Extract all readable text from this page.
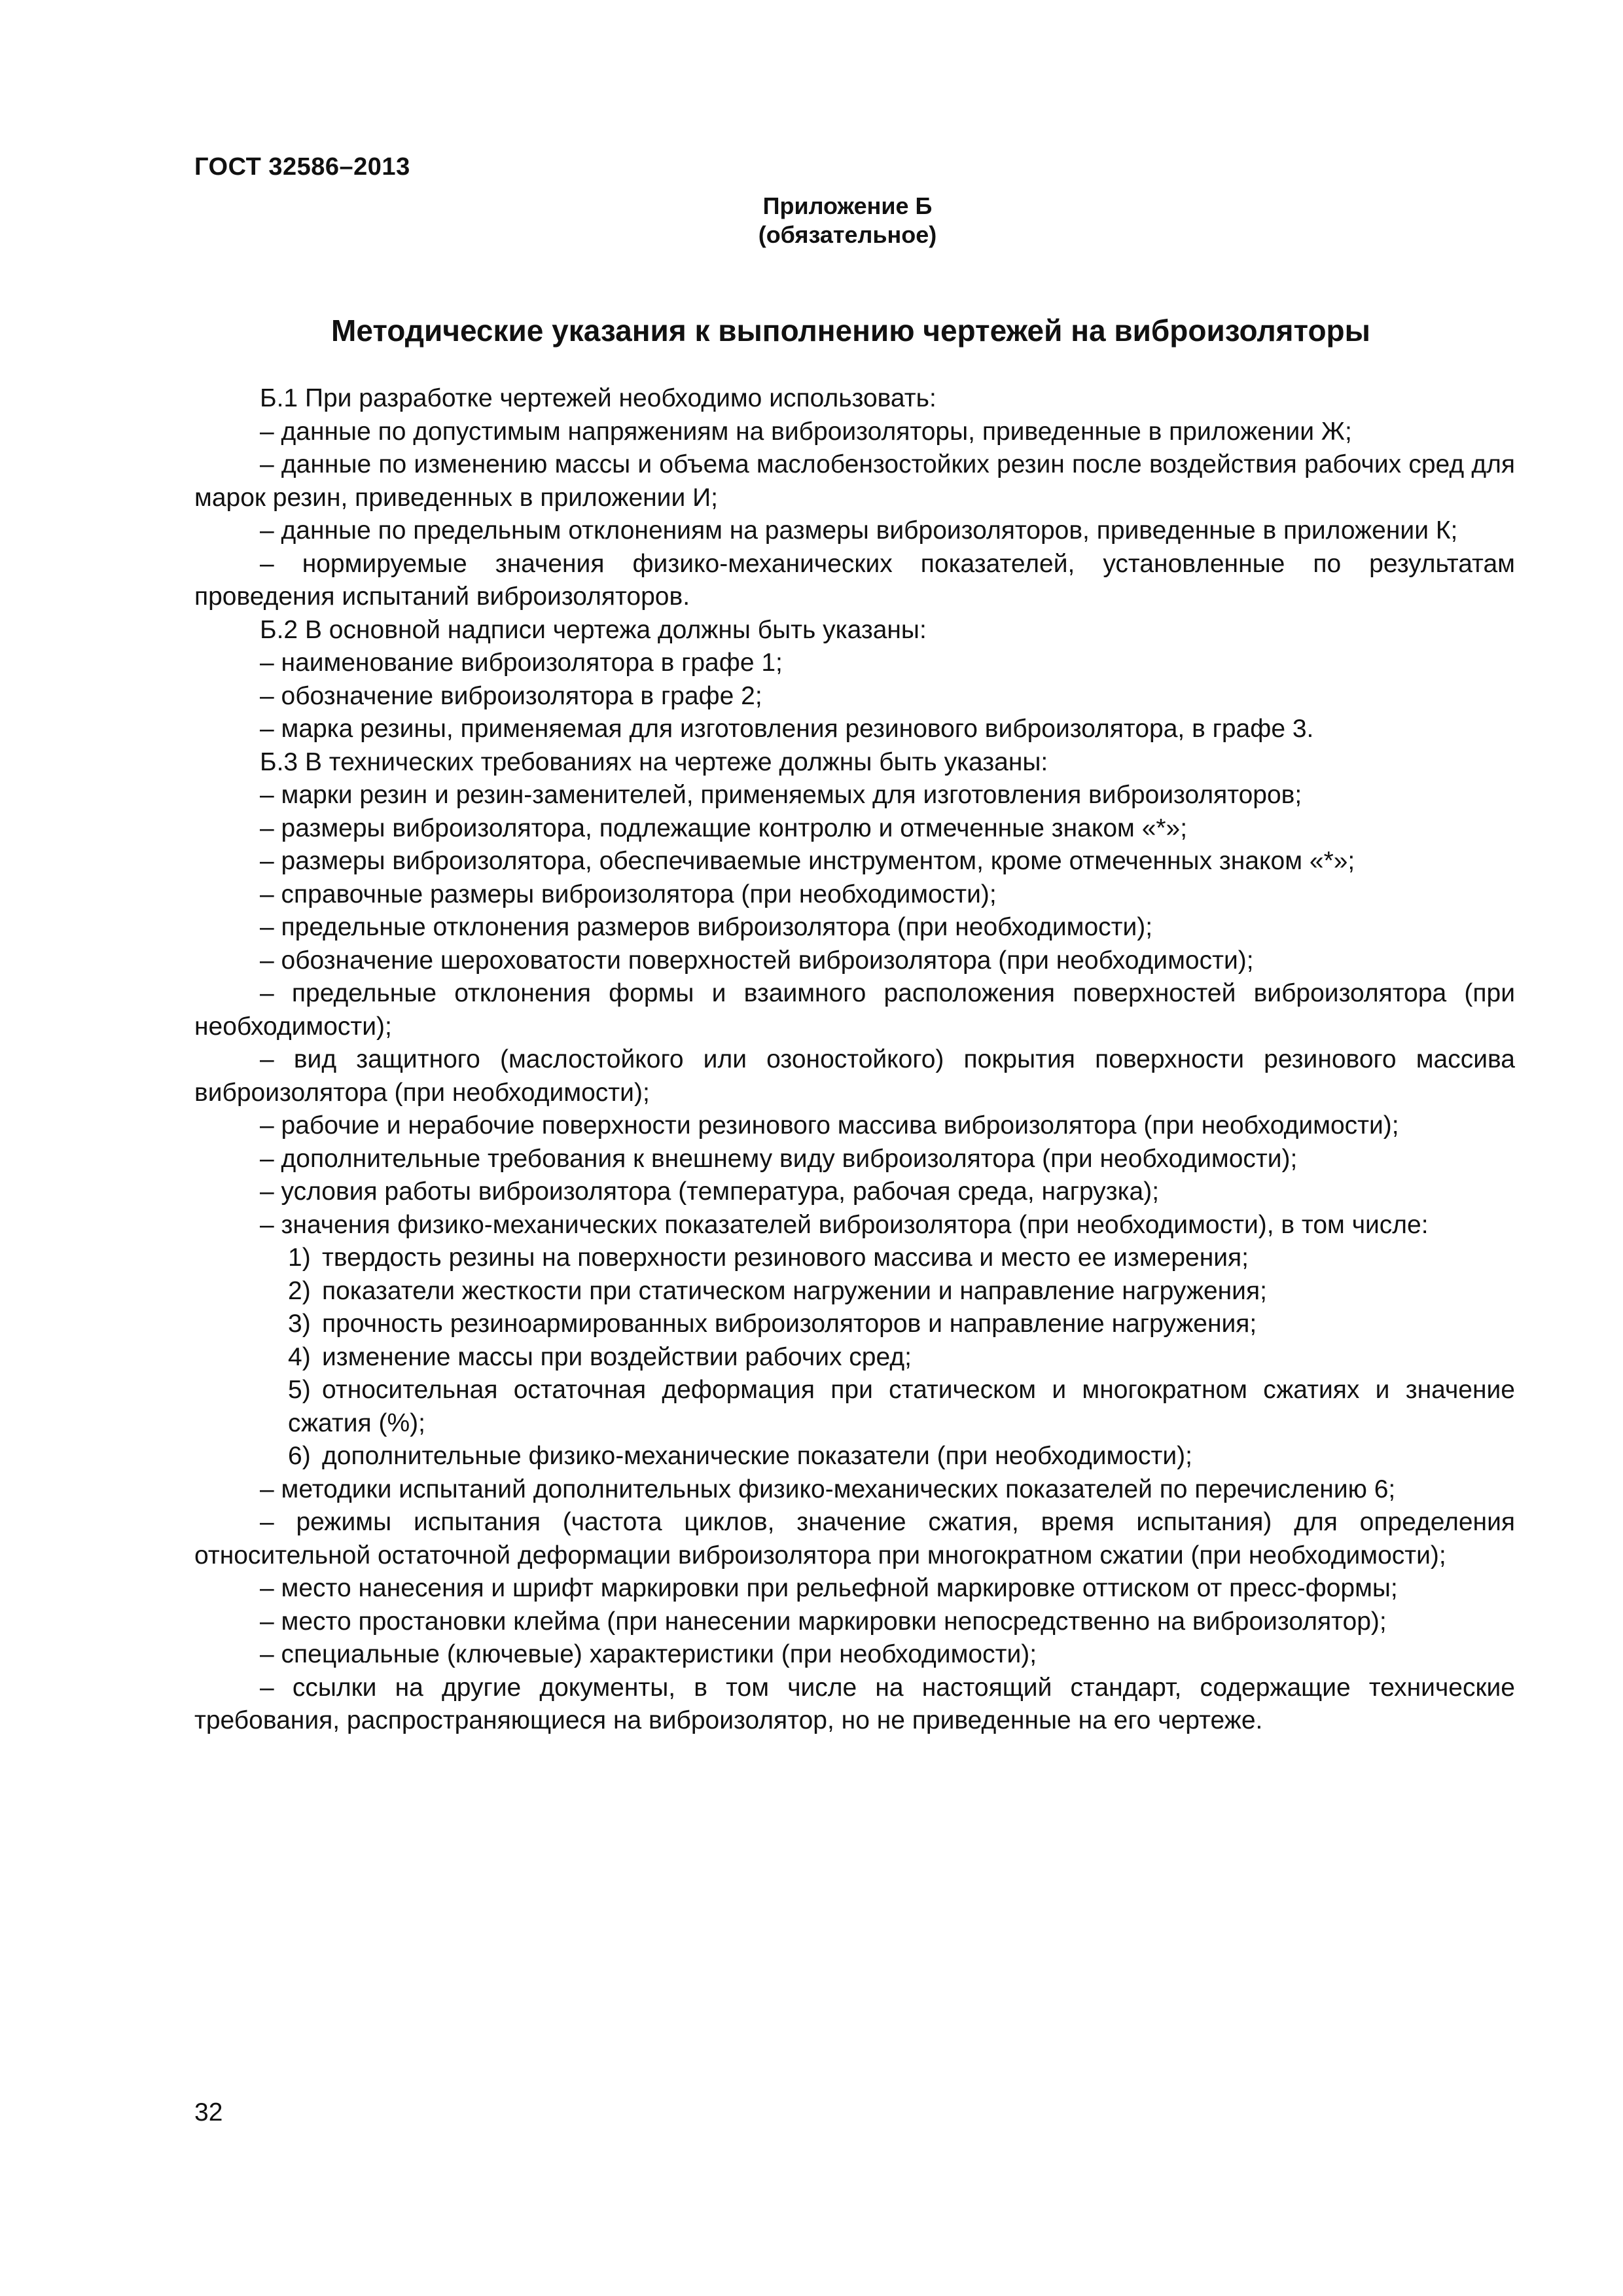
ГОСТ 32586–2013
Приложение Б
(обязательное)
Методические указания к выполнению чертежей на виброизоляторы

Б.1 При разработке чертежей необходимо использовать:

– данные по допустимым напряжениям на виброизоляторы, приведенные в приложении Ж;

– данные по изменению массы и объема маслобензостойких резин после воздействия рабочих сред для марок резин, приведенных в приложении И;

– данные по предельным отклонениям на размеры виброизоляторов, приведенные в приложении К;

– нормируемые значения физико-механических показателей, установленные по результатам проведения испытаний виброизоляторов.

Б.2 В основной надписи чертежа должны быть указаны:

– наименование виброизолятора в графе 1;

– обозначение виброизолятора в графе 2;

– марка резины, применяемая для изготовления резинового виброизолятора, в графе 3.

Б.3 В технических требованиях на чертеже должны быть указаны:

– марки резин и резин-заменителей, применяемых для изготовления виброизоляторов;

– размеры виброизолятора, подлежащие контролю и отмеченные знаком «*»;

– размеры виброизолятора, обеспечиваемые инструментом, кроме отмеченных знаком «*»;

– справочные размеры виброизолятора (при необходимости);

– предельные отклонения размеров виброизолятора (при необходимости);

– обозначение шероховатости поверхностей виброизолятора (при необходимости);

– предельные отклонения формы и взаимного расположения поверхностей виброизолятора (при необходимости);

– вид защитного (маслостойкого или озоностойкого) покрытия поверхности резинового массива виброизолятора (при необходимости);

– рабочие и нерабочие поверхности резинового массива виброизолятора (при необходимости);

– дополнительные требования к внешнему виду виброизолятора (при необходимости);

– условия работы виброизолятора (температура, рабочая среда, нагрузка);

– значения физико-механических показателей виброизолятора (при необходимости), в том числе:

1) твердость резины на поверхности резинового массива и место ее измерения;

2) показатели жесткости при статическом нагружении и направление нагружения;

3) прочность резиноармированных виброизоляторов и направление нагружения;

4) изменение массы при воздействии рабочих сред;

5) относительная остаточная деформация при статическом и многократном сжатиях и значение сжатия (%);

6) дополнительные физико-механические показатели (при необходимости);

– методики испытаний дополнительных физико-механических показателей по перечислению 6;

– режимы испытания (частота циклов, значение сжатия, время испытания) для определения относительной остаточной деформации виброизолятора при многократном сжатии (при необходимости);

– место нанесения и шрифт маркировки при рельефной маркировке оттиском от пресс-формы;

– место простановки клейма (при нанесении маркировки непосредственно на виброизолятор);

– специальные (ключевые) характеристики (при необходимости);

– ссылки на другие документы, в том числе на настоящий стандарт, содержащие технические требования, распространяющиеся на виброизолятор, но не приведенные на его чертеже.

32
